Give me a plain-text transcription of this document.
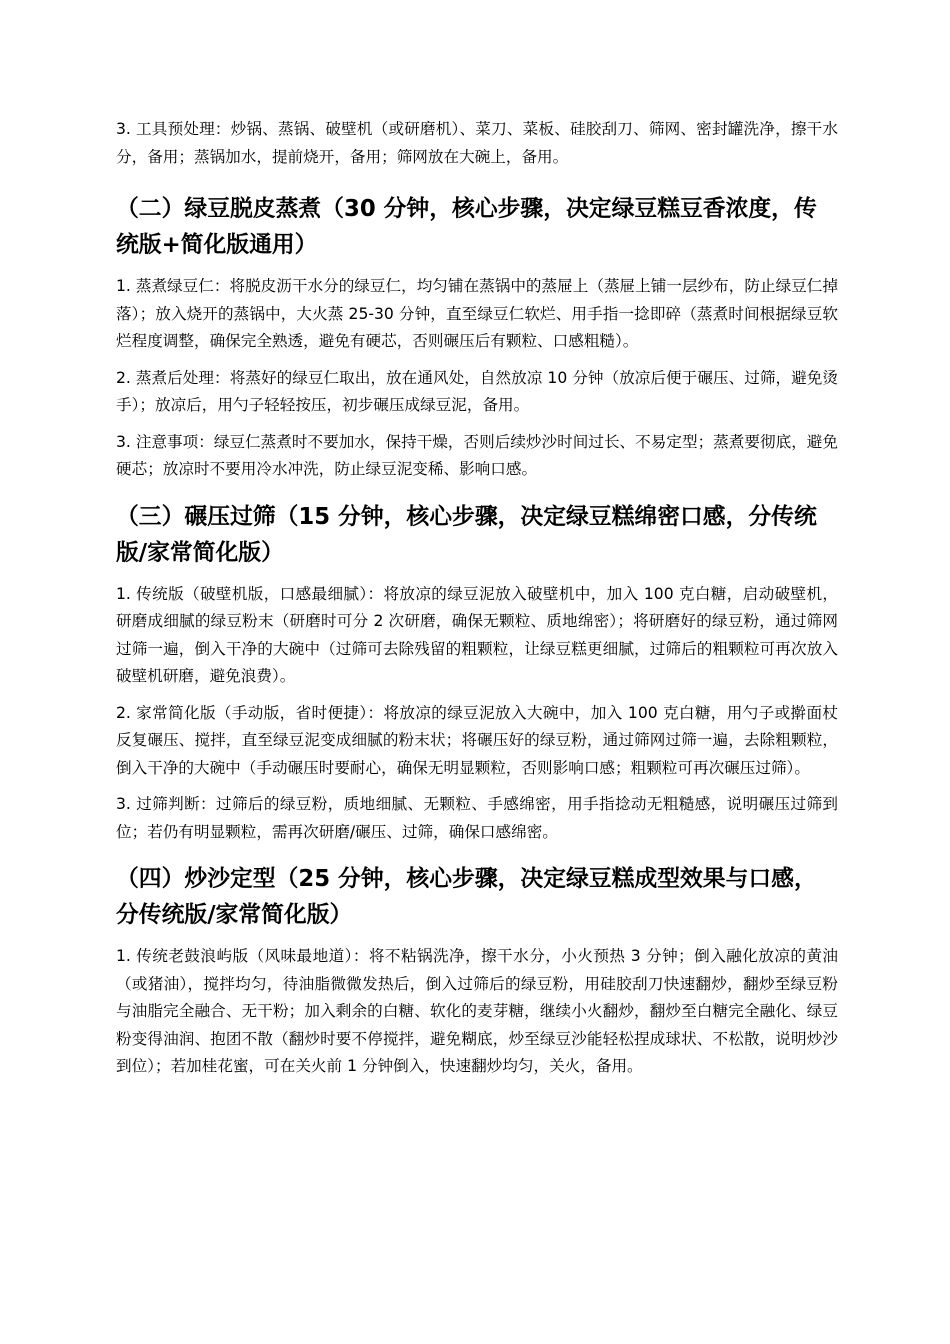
3. 工具预处理：炒锅、蒸锅、破壁机（或研磨机）、菜刀、菜板、硅胶刮刀、筛网、密封罐洗净，擦干水分，备用；蒸锅加水，提前烧开，备用；筛网放在大碗上，备用。

（二）绿豆脱皮蒸煮（30 分钟，核心步骤，决定绿豆糕豆香浓度，传统版+简化版通用）

1. 蒸煮绿豆仁：将脱皮沥干水分的绿豆仁，均匀铺在蒸锅中的蒸屉上（蒸屉上铺一层纱布，防止绿豆仁掉落）；放入烧开的蒸锅中，大火蒸 25-30 分钟，直至绿豆仁软烂、用手指一捻即碎（蒸煮时间根据绿豆软烂程度调整，确保完全熟透，避免有硬芯，否则碾压后有颗粒、口感粗糙）。

2. 蒸煮后处理：将蒸好的绿豆仁取出，放在通风处，自然放凉 10 分钟（放凉后便于碾压、过筛，避免烫手）；放凉后，用勺子轻轻按压，初步碾压成绿豆泥，备用。

3. 注意事项：绿豆仁蒸煮时不要加水，保持干燥，否则后续炒沙时间过长、不易定型；蒸煮要彻底，避免硬芯；放凉时不要用冷水冲洗，防止绿豆泥变稀、影响口感。

（三）碾压过筛（15 分钟，核心步骤，决定绿豆糕绵密口感，分传统版/家常简化版）

1. 传统版（破壁机版，口感最细腻）：将放凉的绿豆泥放入破壁机中，加入 100 克白糖，启动破壁机，研磨成细腻的绿豆粉末（研磨时可分 2 次研磨，确保无颗粒、质地绵密）；将研磨好的绿豆粉，通过筛网过筛一遍，倒入干净的大碗中（过筛可去除残留的粗颗粒，让绿豆糕更细腻，过筛后的粗颗粒可再次放入破壁机研磨，避免浪费）。

2. 家常简化版（手动版，省时便捷）：将放凉的绿豆泥放入大碗中，加入 100 克白糖，用勺子或擀面杖反复碾压、搅拌，直至绿豆泥变成细腻的粉末状；将碾压好的绿豆粉，通过筛网过筛一遍，去除粗颗粒，倒入干净的大碗中（手动碾压时要耐心，确保无明显颗粒，否则影响口感；粗颗粒可再次碾压过筛）。

3. 过筛判断：过筛后的绿豆粉，质地细腻、无颗粒、手感绵密，用手指捻动无粗糙感，说明碾压过筛到位；若仍有明显颗粒，需再次研磨/碾压、过筛，确保口感绵密。

（四）炒沙定型（25 分钟，核心步骤，决定绿豆糕成型效果与口感，分传统版/家常简化版）

1. 传统老鼓浪屿版（风味最地道）：将不粘锅洗净，擦干水分，小火预热 3 分钟；倒入融化放凉的黄油（或猪油），搅拌均匀，待油脂微微发热后，倒入过筛后的绿豆粉，用硅胶刮刀快速翻炒，翻炒至绿豆粉与油脂完全融合、无干粉；加入剩余的白糖、软化的麦芽糖，继续小火翻炒，翻炒至白糖完全融化、绿豆粉变得油润、抱团不散（翻炒时要不停搅拌，避免糊底，炒至绿豆沙能轻松捏成球状、不松散，说明炒沙到位）；若加桂花蜜，可在关火前 1 分钟倒入，快速翻炒均匀，关火，备用。
